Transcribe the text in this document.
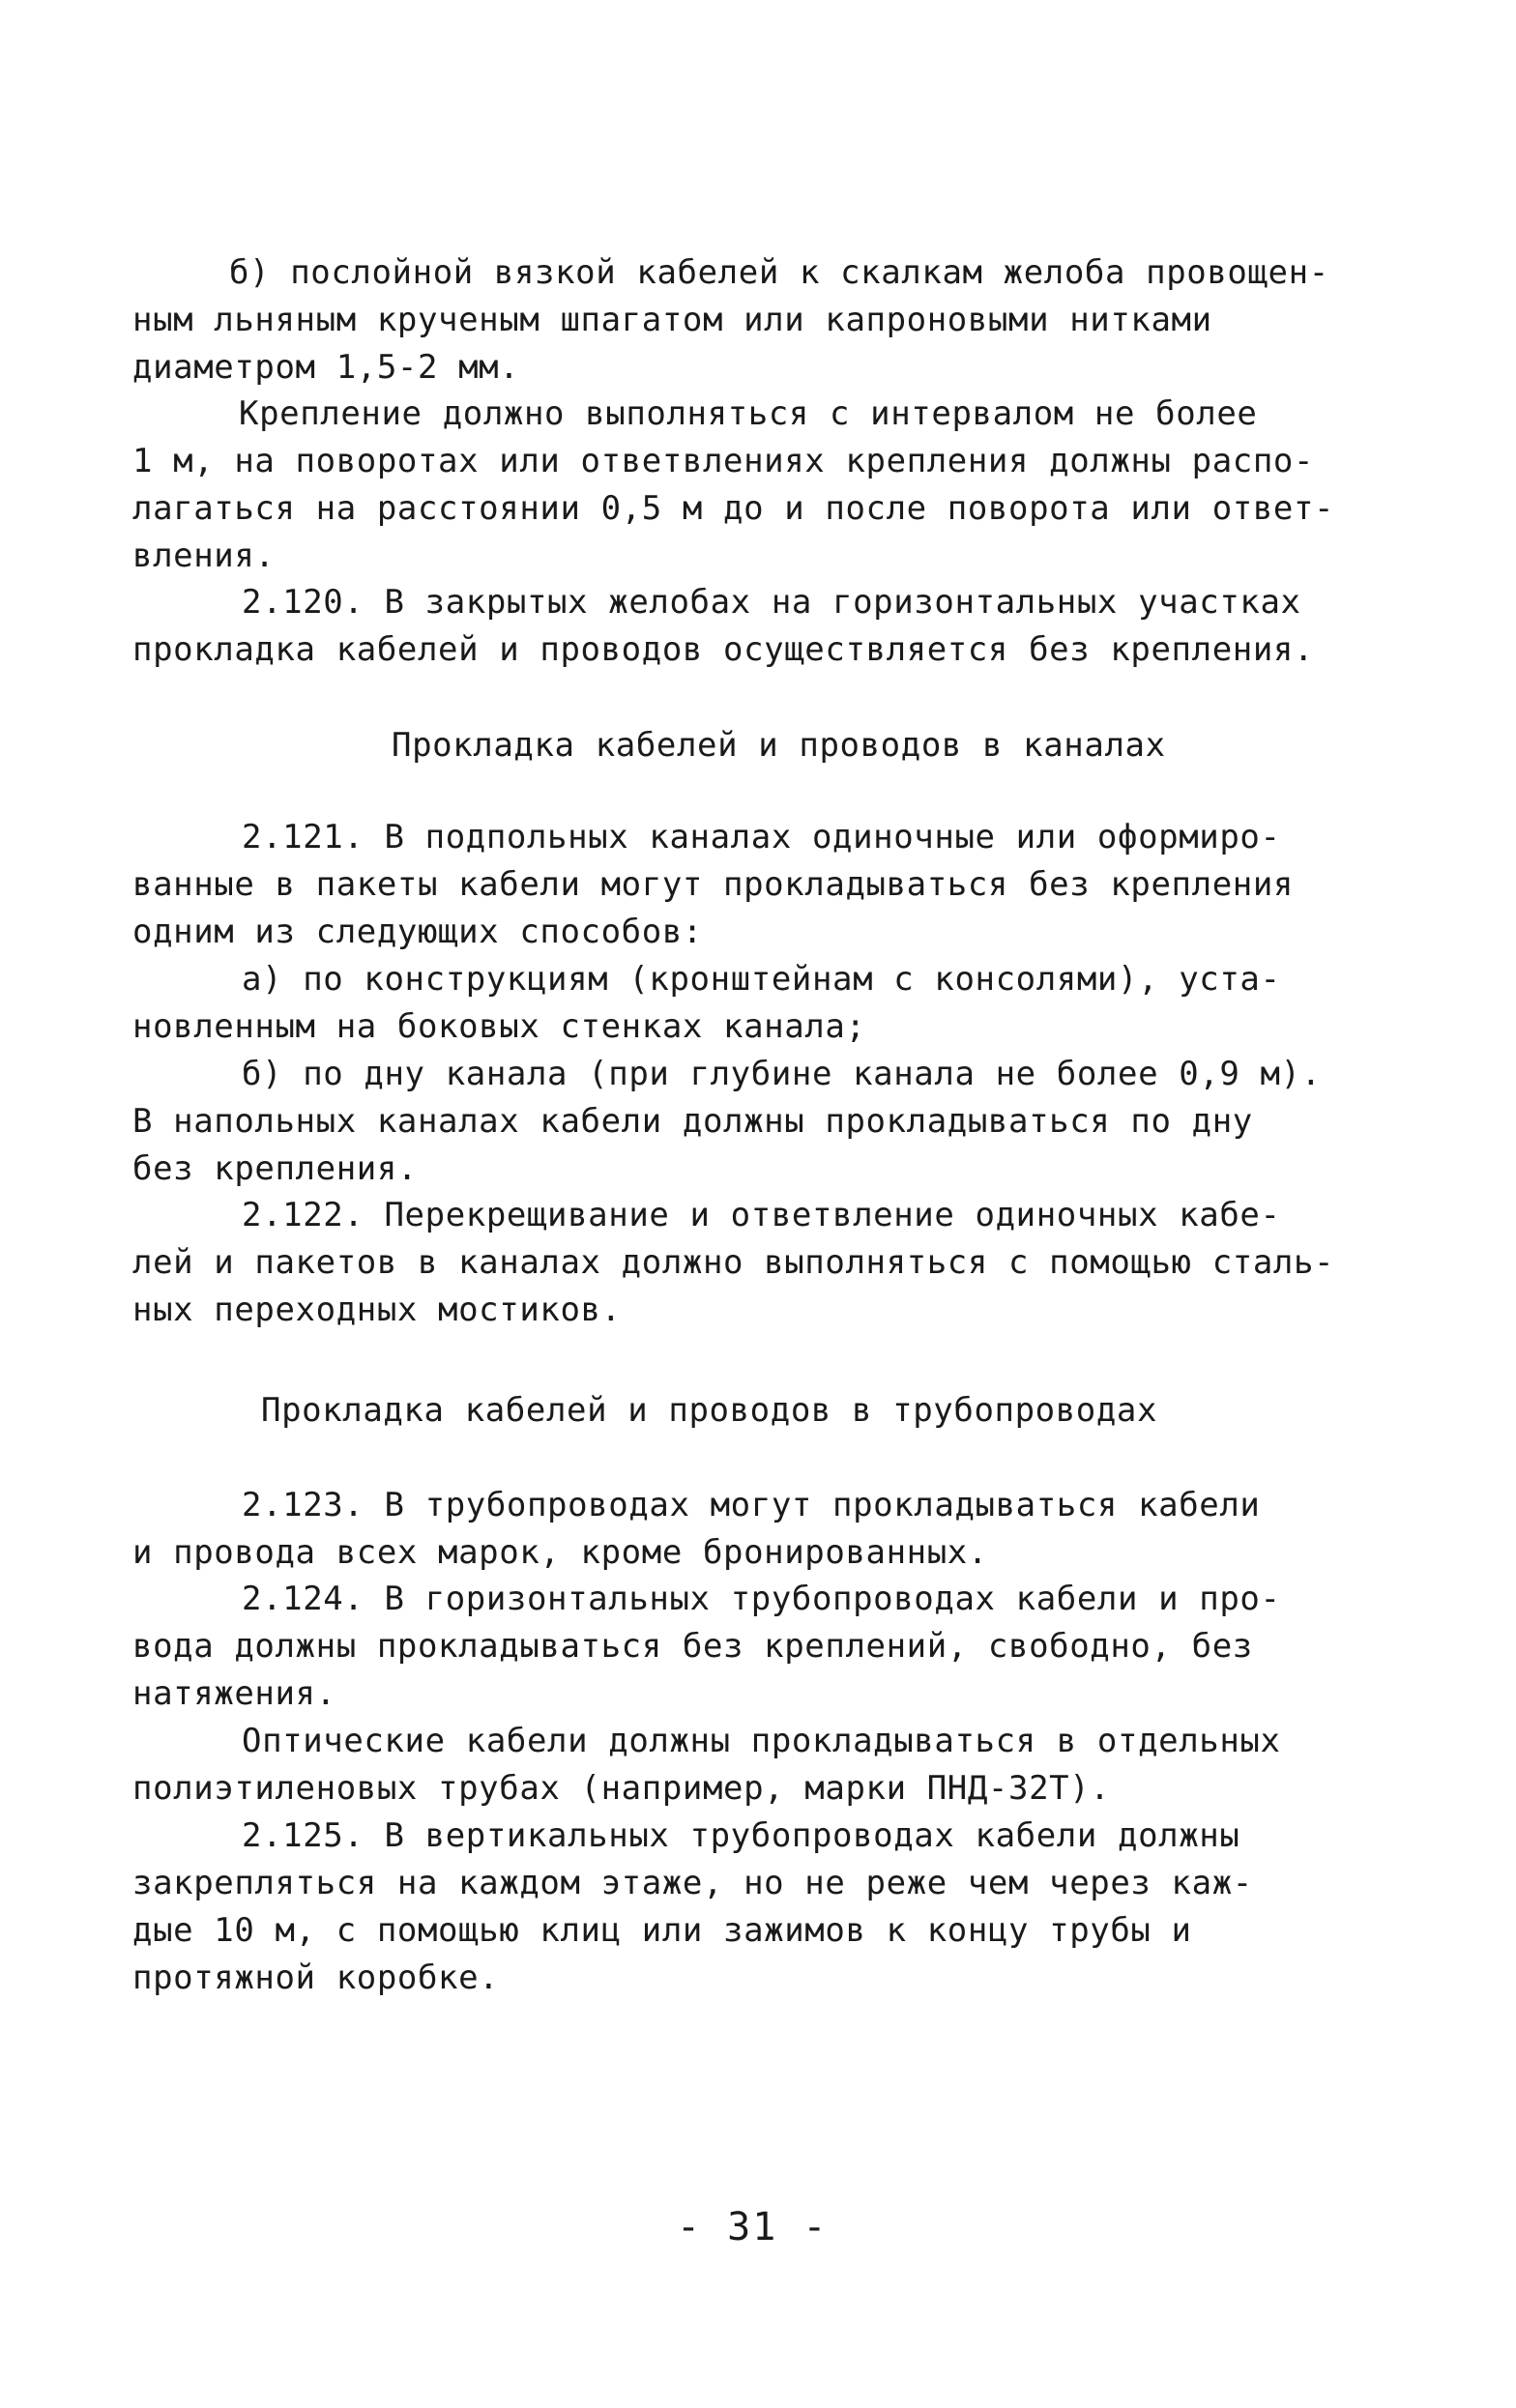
б) послойной вязкой кабелей к скалкам желоба провощен-
ным льняным крученым шпагатом или капроновыми нитками
диаметром 1,5-2 мм.
Крепление должно выполняться с интервалом не более
1 м, на поворотах или ответвлениях крепления должны распо-
лагаться на расстоянии 0,5 м до и после поворота или ответ-
вления.
2.120. В закрытых желобах на горизонтальных участках
прокладка кабелей и проводов осуществляется без крепления.
Прокладка кабелей и проводов в каналах
2.121. В подпольных каналах одиночные или оформиро-
ванные в пакеты кабели могут прокладываться без крепления
одним из следующих способов:
а) по конструкциям (кронштейнам с консолями), уста-
новленным на боковых стенках канала;
б) по дну канала (при глубине канала не более 0,9 м).
В напольных каналах кабели должны прокладываться по дну
без крепления.
2.122. Перекрещивание и ответвление одиночных кабе-
лей и пакетов в каналах должно выполняться с помощью сталь-
ных переходных мостиков.
Прокладка кабелей и проводов в трубопроводах
2.123. В трубопроводах могут прокладываться кабели
и провода всех марок, кроме бронированных.
2.124. В горизонтальных трубопроводах кабели и про-
вода должны прокладываться без креплений, свободно, без
натяжения.
Оптические кабели должны прокладываться в отдельных
полиэтиленовых трубах (например, марки ПНД-32Т).
2.125. В вертикальных трубопроводах кабели должны
закрепляться на каждом этаже, но не реже чем через каж-
дые 10 м, с помощью клиц или зажимов к концу трубы и
протяжной коробке.
- 31 -
